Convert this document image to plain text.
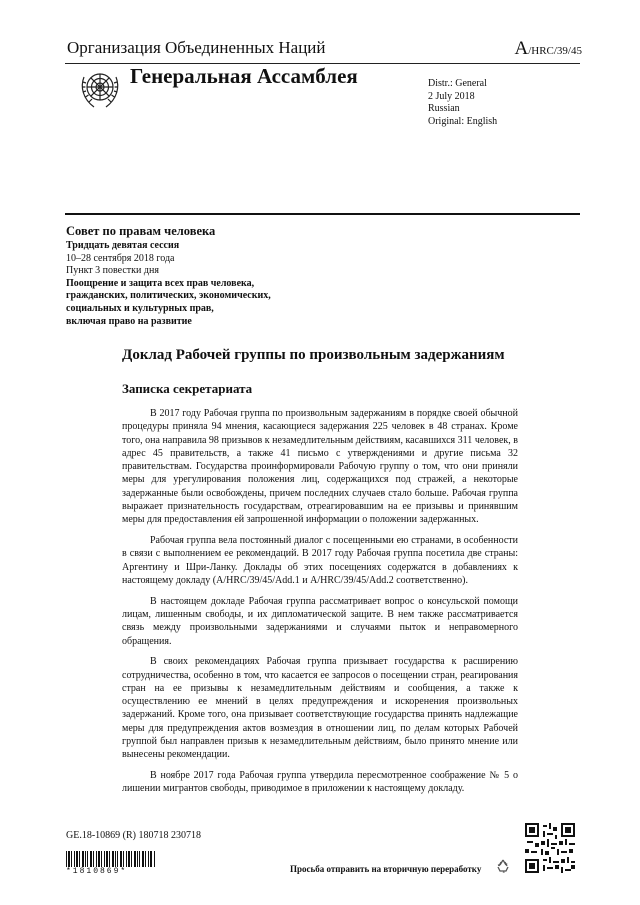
Организация Объединенных Наций	A/HRC/39/45
Генеральная Ассамблея	Distr.: General
2 July 2018
Russian
Original: English
Совет по правам человека
Тридцать девятая сессия
10–28 сентября 2018 года
Пункт 3 повестки дня
Поощрение и защита всех прав человека,
гражданских, политических, экономических,
социальных и культурных прав,
включая право на развитие
Доклад Рабочей группы по произвольным задержаниям
Записка секретариата

В 2017 году Рабочая группа по произвольным задержаниям в порядке своей обычной процедуры приняла 94 мнения, касающиеся задержания 225 человек в 48 странах. Кроме того, она направила 98 призывов к незамедлительным действиям, касавшихся 311 человек, в адрес 45 правительств, а также 41 письмо с утверждениями и другие письма 32 правительствам. Государства проинформировали Рабочую группу о том, что они приняли меры для урегулирования положения лиц, содержащихся под стражей, а некоторые задержанные были освобождены, причем последних случаев стало больше. Рабочая группа выражает признательность государствам, отреагировавшим на ее призывы и принявшим меры для предоставления ей запрошенной информации о положении задержанных.

Рабочая группа вела постоянный диалог с посещенными ею странами, в особенности в связи с выполнением ее рекомендаций. В 2017 году Рабочая группа посетила две страны: Аргентину и Шри-Ланку. Доклады об этих посещениях содержатся в добавлениях к настоящему докладу (A/HRC/39/45/Add.1 и A/HRC/39/45/Add.2 соответственно).

В настоящем докладе Рабочая группа рассматривает вопрос о консульской помощи лицам, лишенным свободы, и их дипломатической защите. В нем также рассматривается связь между произвольными задержаниями и случаями пыток и неправомерного обращения.

В своих рекомендациях Рабочая группа призывает государства к расширению сотрудничества, особенно в том, что касается ее запросов о посещении стран, реагирования стран на ее призывы к незамедлительным действиям и сообщения, а также к осуществлению ее мнений в целях предупреждения и искоренения произвольных задержаний. Кроме того, она призывает соответствующие государства принять надлежащие меры для предупреждения актов возмездия в отношении лиц, по делам которых Рабочей группой был направлен призыв к незамедлительным действиям, было принято мнение или вынесены рекомендации.

В ноябре 2017 года Рабочая группа утвердила пересмотренное соображение № 5 о лишении мигрантов свободы, приводимое в приложении к настоящему докладу.

GE.18-10869 (R) 180718 230718
*1810869*	Просьба отправить на вторичную переработку
